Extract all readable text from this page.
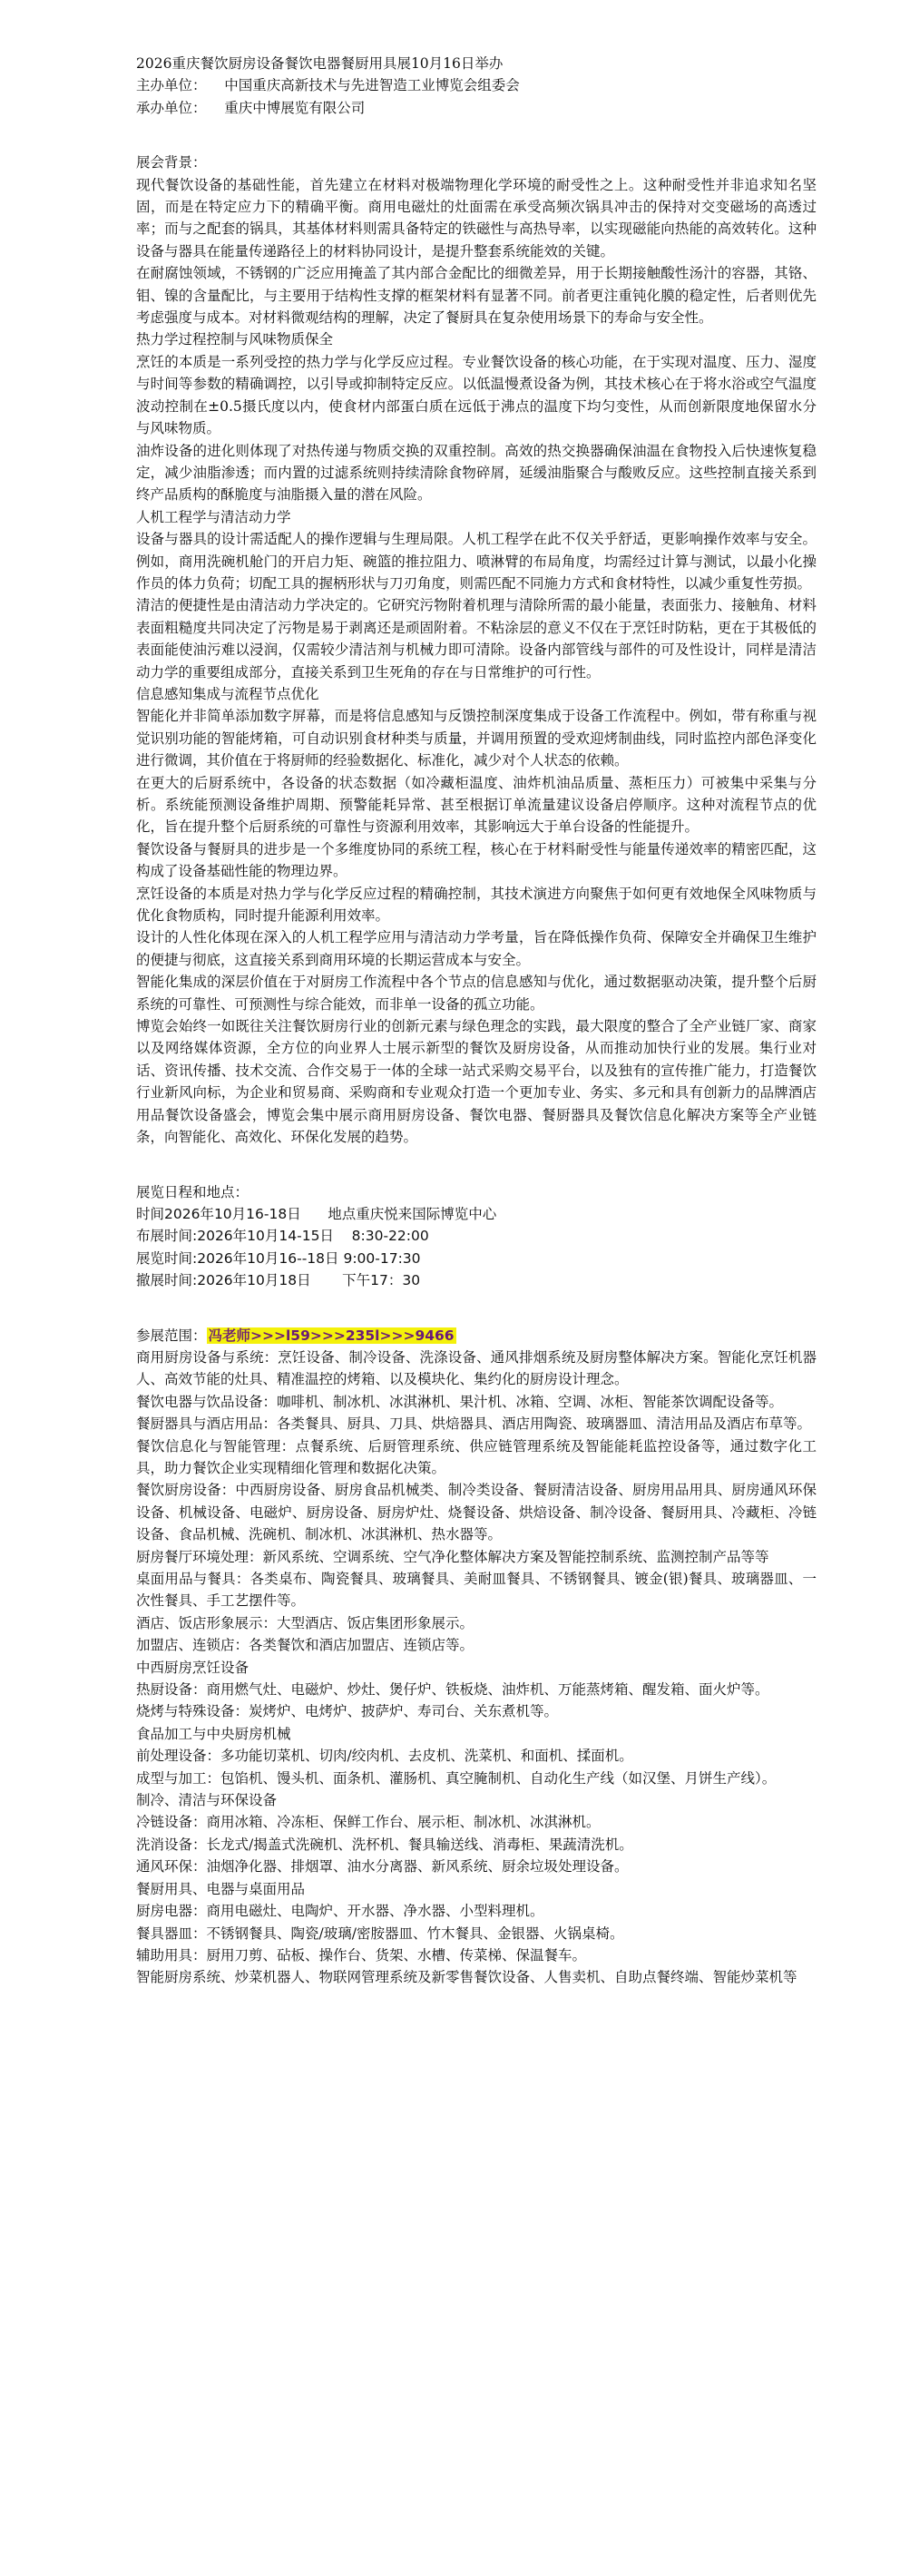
2026重庆餐饮厨房设备餐饮电器餐厨用具展10月16日举办

主办单位：    中国重庆高新技术与先进智造工业博览会组委会

承办单位：    重庆中博展览有限公司

展会背景：

现代餐饮设备的基础性能，首先建立在材料对极端物理化学环境的耐受性之上。这种耐受性并非追求知名坚固，而是在特定应力下的精确平衡。商用电磁灶的灶面需在承受高频次锅具冲击的保持对交变磁场的高透过率；而与之配套的锅具，其基体材料则需具备特定的铁磁性与高热导率，以实现磁能向热能的高效转化。这种设备与器具在能量传递路径上的材料协同设计，是提升整套系统能效的关键。

在耐腐蚀领域，不锈钢的广泛应用掩盖了其内部合金配比的细微差异，用于长期接触酸性汤汁的容器，其铬、钼、镍的含量配比，与主要用于结构性支撑的框架材料有显著不同。前者更注重钝化膜的稳定性，后者则优先考虑强度与成本。对材料微观结构的理解，决定了餐厨具在复杂使用场景下的寿命与安全性。

热力学过程控制与风味物质保全

烹饪的本质是一系列受控的热力学与化学反应过程。专业餐饮设备的核心功能，在于实现对温度、压力、湿度与时间等参数的精确调控，以引导或抑制特定反应。以低温慢煮设备为例，其技术核心在于将水浴或空气温度波动控制在±0.5摄氏度以内，使食材内部蛋白质在远低于沸点的温度下均匀变性，从而创新限度地保留水分与风味物质。

油炸设备的进化则体现了对热传递与物质交换的双重控制。高效的热交换器确保油温在食物投入后快速恢复稳定，减少油脂渗透；而内置的过滤系统则持续清除食物碎屑，延缓油脂聚合与酸败反应。这些控制直接关系到终产品质构的酥脆度与油脂摄入量的潜在风险。

人机工程学与清洁动力学

设备与器具的设计需适配人的操作逻辑与生理局限。人机工程学在此不仅关乎舒适，更影响操作效率与安全。例如，商用洗碗机舱门的开启力矩、碗篮的推拉阻力、喷淋臂的布局角度，均需经过计算与测试，以最小化操作员的体力负荷；切配工具的握柄形状与刀刃角度，则需匹配不同施力方式和食材特性，以减少重复性劳损。

清洁的便捷性是由清洁动力学决定的。它研究污物附着机理与清除所需的最小能量，表面张力、接触角、材料表面粗糙度共同决定了污物是易于剥离还是顽固附着。不粘涂层的意义不仅在于烹饪时防粘，更在于其极低的表面能使油污难以浸润，仅需较少清洁剂与机械力即可清除。设备内部管线与部件的可及性设计，同样是清洁动力学的重要组成部分，直接关系到卫生死角的存在与日常维护的可行性。

信息感知集成与流程节点优化

智能化并非简单添加数字屏幕，而是将信息感知与反馈控制深度集成于设备工作流程中。例如，带有称重与视觉识别功能的智能烤箱，可自动识别食材种类与质量，并调用预置的受欢迎烤制曲线，同时监控内部色泽变化进行微调，其价值在于将厨师的经验数据化、标准化，减少对个人状态的依赖。

在更大的后厨系统中，各设备的状态数据（如冷藏柜温度、油炸机油品质量、蒸柜压力）可被集中采集与分析。系统能预测设备维护周期、预警能耗异常、甚至根据订单流量建议设备启停顺序。这种对流程节点的优化，旨在提升整个后厨系统的可靠性与资源利用效率，其影响远大于单台设备的性能提升。

餐饮设备与餐厨具的进步是一个多维度协同的系统工程，核心在于材料耐受性与能量传递效率的精密匹配，这构成了设备基础性能的物理边界。

烹饪设备的本质是对热力学与化学反应过程的精确控制，其技术演进方向聚焦于如何更有效地保全风味物质与优化食物质构，同时提升能源利用效率。

设计的人性化体现在深入的人机工程学应用与清洁动力学考量，旨在降低操作负荷、保障安全并确保卫生维护的便捷与彻底，这直接关系到商用环境的长期运营成本与安全。

智能化集成的深层价值在于对厨房工作流程中各个节点的信息感知与优化，通过数据驱动决策，提升整个后厨系统的可靠性、可预测性与综合能效，而非单一设备的孤立功能。

博览会始终一如既往关注餐饮厨房行业的创新元素与绿色理念的实践，最大限度的整合了全产业链厂家、商家以及网络媒体资源，全方位的向业界人士展示新型的餐饮及厨房设备，从而推动加快行业的发展。集行业对话、资讯传播、技术交流、合作交易于一体的全球一站式采购交易平台，以及独有的宣传推广能力，打造餐饮行业新风向标，为企业和贸易商、采购商和专业观众打造一个更加专业、务实、多元和具有创新力的品牌酒店用品餐饮设备盛会，博览会集中展示商用厨房设备、餐饮电器、餐厨器具及餐饮信息化解决方案等全产业链条，向智能化、高效化、环保化发展的趋势。

展览日程和地点：

时间2026年10月16-18日      地点重庆悦来国际博览中心

布展时间:2026年10月14-15日    8:30-22:00

展览时间:2026年10月16--18日 9:00-17:30

撤展时间:2026年10月18日       下午17：30

参展范围： 冯老师>>>l59>>>235l>>>9466

商用厨房设备与系统：烹饪设备、制冷设备、洗涤设备、通风排烟系统及厨房整体解决方案。智能化烹饪机器人、高效节能的灶具、精准温控的烤箱、以及模块化、集约化的厨房设计理念。

餐饮电器与饮品设备：咖啡机、制冰机、冰淇淋机、果汁机、冰箱、空调、冰柜、智能茶饮调配设备等。

餐厨器具与酒店用品：各类餐具、厨具、刀具、烘焙器具、酒店用陶瓷、玻璃器皿、清洁用品及酒店布草等。

餐饮信息化与智能管理：点餐系统、后厨管理系统、供应链管理系统及智能能耗监控设备等，通过数字化工具，助力餐饮企业实现精细化管理和数据化决策。

餐饮厨房设备：中西厨房设备、厨房食品机械类、制冷类设备、餐厨清洁设备、厨房用品用具、厨房通风环保设备、机械设备、电磁炉、厨房设备、厨房炉灶、烧餐设备、烘焙设备、制冷设备、餐厨用具、冷藏柜、冷链设备、食品机械、洗碗机、制冰机、冰淇淋机、热水器等。

厨房餐厅环境处理：新风系统、空调系统、空气净化整体解决方案及智能控制系统、监测控制产品等等

桌面用品与餐具：各类桌布、陶瓷餐具、玻璃餐具、美耐皿餐具、不锈钢餐具、镀金(银)餐具、玻璃器皿、一次性餐具、手工艺摆件等。

酒店、饭店形象展示：大型酒店、饭店集团形象展示。

加盟店、连锁店：各类餐饮和酒店加盟店、连锁店等。

中西厨房烹饪设备

热厨设备：商用燃气灶、电磁炉、炒灶、煲仔炉、铁板烧、油炸机、万能蒸烤箱、醒发箱、面火炉等。

烧烤与特殊设备：炭烤炉、电烤炉、披萨炉、寿司台、关东煮机等。

食品加工与中央厨房机械

前处理设备：多功能切菜机、切肉/绞肉机、去皮机、洗菜机、和面机、揉面机。

成型与加工：包馅机、馒头机、面条机、灌肠机、真空腌制机、自动化生产线（如汉堡、月饼生产线）。

制冷、清洁与环保设备

冷链设备：商用冰箱、冷冻柜、保鲜工作台、展示柜、制冰机、冰淇淋机。

洗消设备：长龙式/揭盖式洗碗机、洗杯机、餐具输送线、消毒柜、果蔬清洗机。

通风环保：油烟净化器、排烟罩、油水分离器、新风系统、厨余垃圾处理设备。

餐厨用具、电器与桌面用品

厨房电器：商用电磁灶、电陶炉、开水器、净水器、小型料理机。

餐具器皿：不锈钢餐具、陶瓷/玻璃/密胺器皿、竹木餐具、金银器、火锅桌椅。

辅助用具：厨用刀剪、砧板、操作台、货架、水槽、传菜梯、保温餐车。

智能厨房系统、炒菜机器人、物联网管理系统及新零售餐饮设备、人售卖机、自助点餐终端、智能炒菜机等
